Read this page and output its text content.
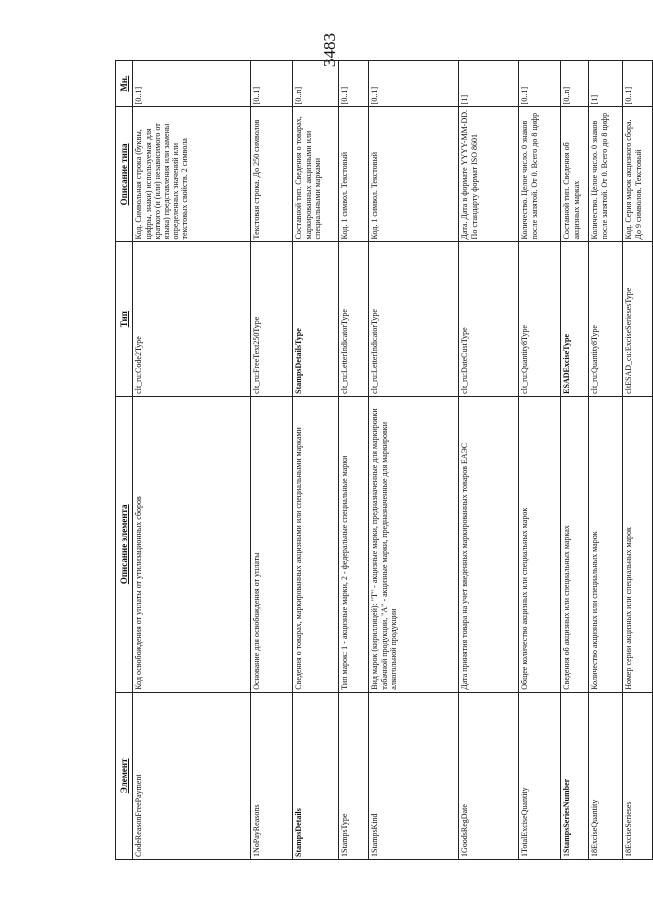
3483
Элемент	Описание элемента	Тип	Описание типа	Мн.
CodeReasonFreePayment	Код освобождения от уплаты от утилизационных сборов	clt_ru:Code2Type	Код. Символьная строка (буквы, цифры, знаки) используемая для краткого (и (или) независимого от языка) представления или замены определенных значений или текстовых свойств. 2 символа	[0..1]
1NoPayReasons	Основание для освобождения от уплаты	clt_ru:FreeText250Type	Текстовая строка. До 250 символов	[0..1]
StampsDetails	Сведения о товарах, маркированных акцизными или специальными марками	StampsDetailsType	Составной тип. Сведения о товарах, маркированных акцизными или специальными марками	[0..n]
1StampsType	Тип марок: 1 - акцизные марки, 2 - федеральные специальные марки	clt_ru:LetterIndicatorType	Код. 1 символ. Текстовый	[0..1]
1StampsKind	Вид марок (кириллицей): "Т" - акцизные марки, предназначенные для маркировки табачной продукции, "А" - акцизные марки, предназначенные для маркировки алкогольной продукции	clt_ru:LetterIndicatorType	Код. 1 символ. Текстовый	[0..1]
1GoodsRegDate	Дата принятия товара на учет введенных маркированных товаров ЕАЭС	clt_ru:DateCustType	Дата. Дата в формате YYYY-MM-DD. По стандарту формат ISO 8601	[1]
1TotalExciseQuantity	Общее количество акцизных или специальных марок	clt_ru:Quantity8Type	Количество. Целое число. 0 знаков после запятой. От 0. Всего до 8 цифр	[0..1]
1StampsSeriesNumber	Сведения об акцизных или специальных марках	ESADExciseType	Составной тип. Сведения об акцизных марках	[0..n]
18ExciseQuantity	Количество акцизных или специальных марок	clt_ru:Quantity8Type	Количество. Целое число. 0 знаков после запятой. От 0. Всего до 8 цифр	[1]
18ExciseSerieses	Номер серии акцизных или специальных марок	cltESAD_cu:ExciseSeriesesType	Код. Серия марок акцизного сбора. До 9 символов. Текстовый	[0..1]
